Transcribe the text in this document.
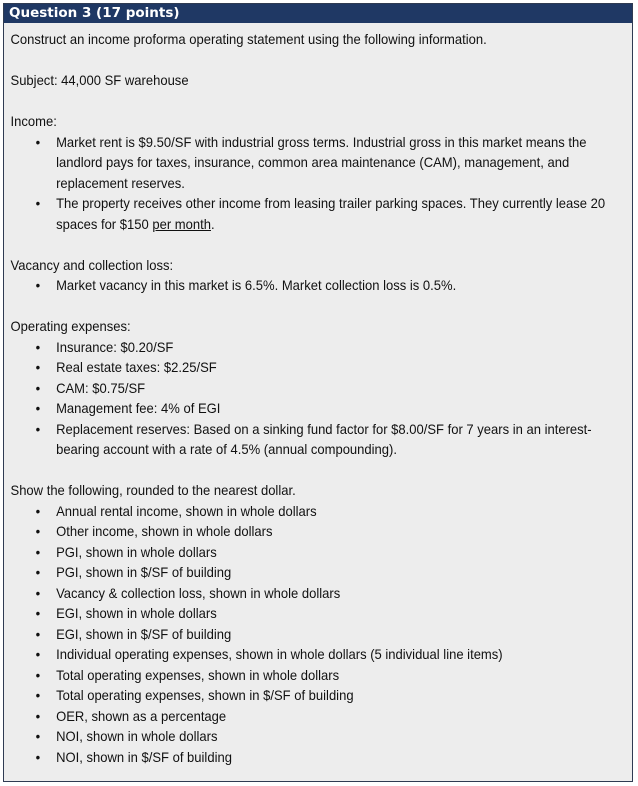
Question 3 (17 points)

Construct an income proforma operating statement using the following information.

Subject: 44,000 SF warehouse

Income:

• Market rent is $9.50/SF with industrial gross terms. Industrial gross in this market means the landlord pays for taxes, insurance, common area maintenance (CAM), management, and replacement reserves.
• The property receives other income from leasing trailer parking spaces. They currently lease 20 spaces for $150 per month.

Vacancy and collection loss:

• Market vacancy in this market is 6.5%. Market collection loss is 0.5%.

Operating expenses:

• Insurance: $0.20/SF
• Real estate taxes: $2.25/SF
• CAM: $0.75/SF
• Management fee: 4% of EGI
• Replacement reserves: Based on a sinking fund factor for $8.00/SF for 7 years in an interest-bearing account with a rate of 4.5% (annual compounding).

Show the following, rounded to the nearest dollar.

• Annual rental income, shown in whole dollars
• Other income, shown in whole dollars
• PGI, shown in whole dollars
• PGI, shown in $/SF of building
• Vacancy & collection loss, shown in whole dollars
• EGI, shown in whole dollars
• EGI, shown in $/SF of building
• Individual operating expenses, shown in whole dollars (5 individual line items)
• Total operating expenses, shown in whole dollars
• Total operating expenses, shown in $/SF of building
• OER, shown as a percentage
• NOI, shown in whole dollars
• NOI, shown in $/SF of building
